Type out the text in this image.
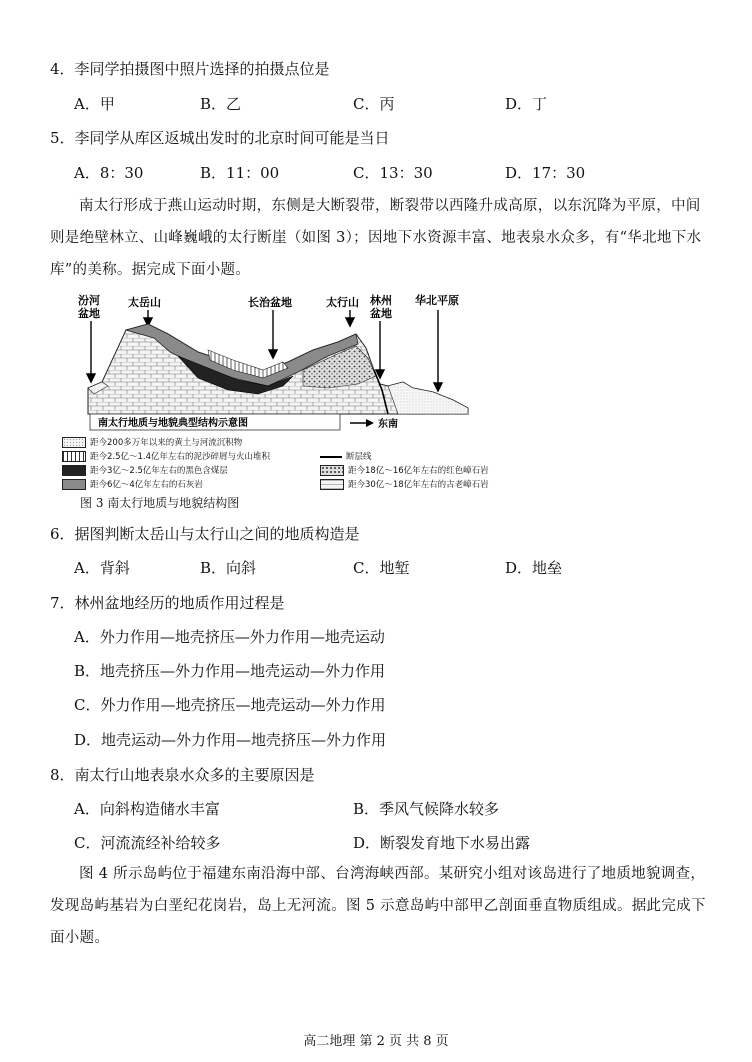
4．李同学拍摄图中照片选择的拍摄点位是
A．甲	B．乙	C．丙	D．丁
5．李同学从库区返城出发时的北京时间可能是当日
A．8：30	B．11：00	C．13：30	D．17：30
南太行形成于燕山运动时期，东侧是大断裂带，断裂带以西隆升成高原，以东沉降为平原，中间则是绝壁林立、山峰巍峨的太行断崖（如图 3）；因地下水资源丰富、地表泉水众多，有“华北地下水库”的美称。据完成下面小题。
汾河
盆地
太岳山	长治盆地	太行山 林州
盆地
华北平原
南太行地质与地貌典型结构示意图	东南
距今200多万年以来的黄土与河流沉积物
距今2.5亿～1.4亿年左右的泥沙碎屑与火山堆积
距今3亿～2.5亿年左右的黑色含煤层
距今6亿～4亿年左右的石灰岩
断层线
距今18亿～16亿年左右的红色嶂石岩
距今30亿～18亿年左右的古老嶂石岩
图 3 南太行地质与地貌结构图
6．据图判断太岳山与太行山之间的地质构造是
A．背斜	B．向斜	C．地堑	D．地垒
7．林州盆地经历的地质作用过程是
A．外力作用—地壳挤压—外力作用—地壳运动
B．地壳挤压—外力作用—地壳运动—外力作用
C．外力作用—地壳挤压—地壳运动—外力作用
D．地壳运动—外力作用—地壳挤压—外力作用
8．南太行山地表泉水众多的主要原因是
A．向斜构造储水丰富	B．季风气候降水较多
C．河流流经补给较多	D．断裂发育地下水易出露
图 4 所示岛屿位于福建东南沿海中部、台湾海峡西部。某研究小组对该岛进行了地质地貌调查，发现岛屿基岩为白垩纪花岗岩，岛上无河流。图 5 示意岛屿中部甲乙剖面垂直物质组成。据此完成下面小题。
高二地理 第 2 页 共 8 页
